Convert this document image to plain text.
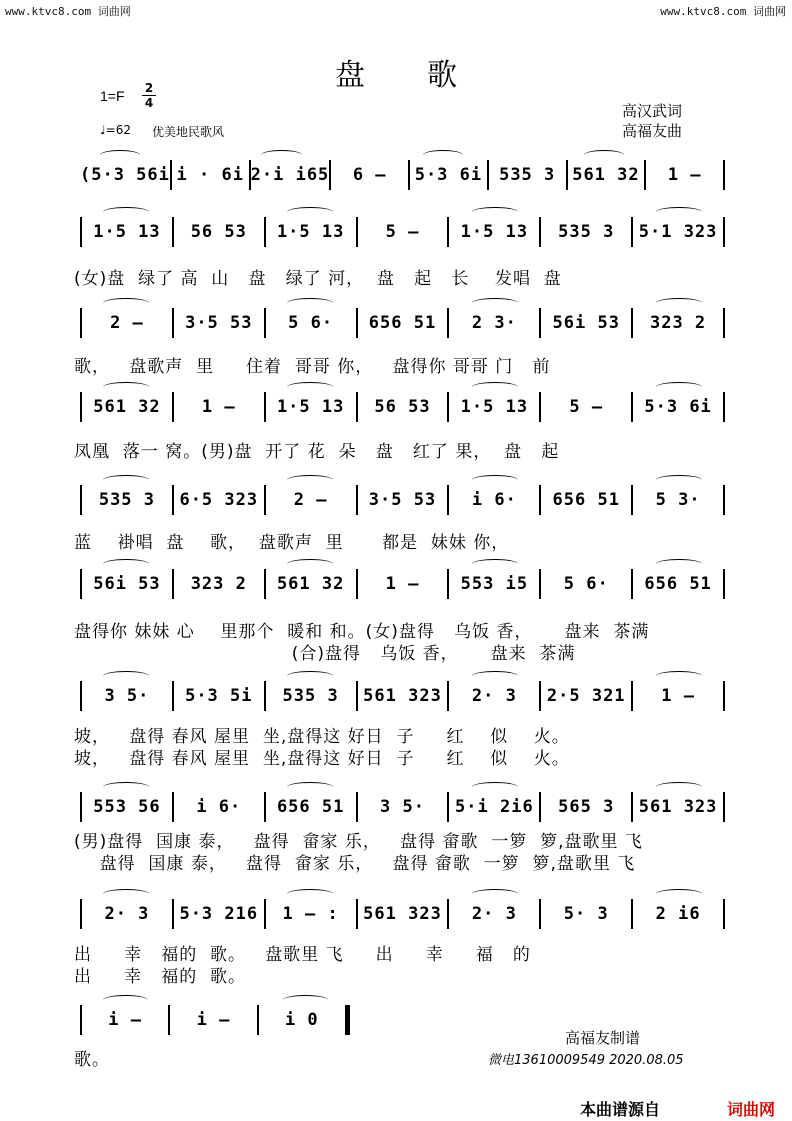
www.ktvc8.com 词曲网	www.ktvc8.com 词曲网
盘歌
1=F 2
4
♩=62 优美地民歌风
高汉武词
高福友曲
(5·3 56i i · 6i 2·i i65	6 –	5·3 6i 535 3 561 32	1 –
1·5 13	56 53	1·5 13	5 –	1·5 13	535 3	5·1 323
(女)盘  绿了 高  山   盘   绿了 河，  盘   起   长    发唱  盘
2 –	3·5 53	5 6·	656 51	2 3·	56i 53	323 2
歌，   盘歌声  里     住着  哥哥 你，   盘得你 哥哥 门   前
561 32	1 –	1·5 13	56 53	1·5 13	5 –	5·3 6i
凤凰  落一 窝。(男)盘  开了 花  朵   盘   红了 果，  盘   起
535 3	6·5 323	2 –	3·5 53	i 6·	656 51	5 3·
蓝    褂唱  盘    歌，  盘歌声  里      都是  妹妹 你，
56i 53	323 2	561 32	1 –	553 i5	5 6·	656 51
盘得你 妹妹 心    里那个  暖和 和。(女)盘得   乌饭 香，     盘来  茶满
(合)盘得   乌饭 香，     盘来  茶满
3 5·	5·3 5i	535 3	561 323	2· 3	2·5 321	1 –
坡，   盘得 春风 屋里  坐,盘得这 好日  子     红    似    火。
坡，   盘得 春风 屋里  坐,盘得这 好日  子     红    似    火。
553 56	i 6·	656 51	3 5·	5·i 2i6	565 3	561 323
(男)盘得  国康 泰，   盘得  畲家 乐，   盘得 畲歌  一箩  箩,盘歌里 飞
盘得  国康 泰，   盘得  畲家 乐，   盘得 畲歌  一箩  箩,盘歌里 飞
2· 3	5·3 216	1 – :	561 323	2· 3	5· 3	2 i6
出     幸   福的  歌。   盘歌里 飞     出     幸     福   的
出     幸   福的  歌。
i –	i –	i 0
歌。
高福友制谱
微电13610009549 2020.08.05
本曲谱源自	词曲网
